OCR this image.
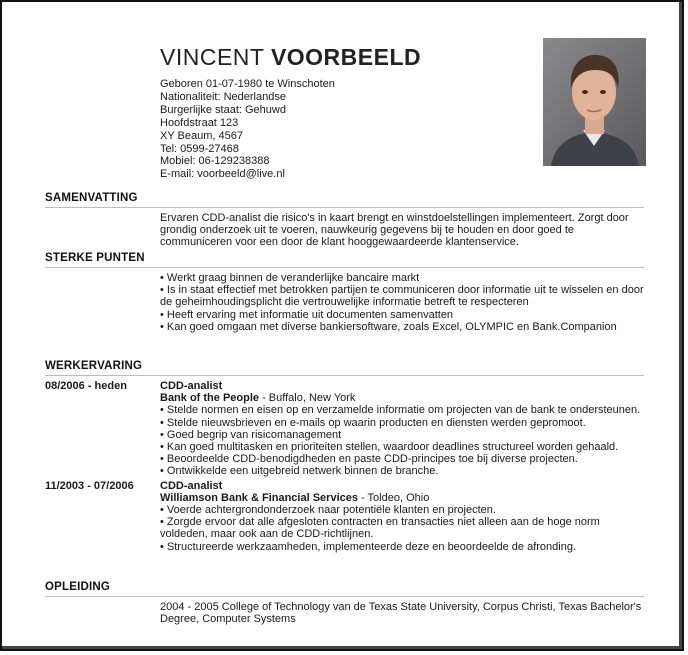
VINCENT VOORBEELD
Geboren 01-07-1980 te Winschoten
Nationaliteit: Nederlandse
Burgerlijke staat: Gehuwd
Hoofdstraat 123
XY Beaum, 4567
Tel: 0599-27468
Mobiel: 06-129238388
E-mail: voorbeeld@live.nl
SAMENVATTING
Ervaren CDD-analist die risico's in kaart brengt en winstdoelstellingen implementeert. Zorgt door grondig onderzoek uit te voeren, nauwkeurig gegevens bij te houden en door goed te communiceren voor een door de klant hooggewaardeerde klantenservice.
STERKE PUNTEN
• Werkt graag binnen de veranderlijke bancaire markt
• Is in staat effectief met betrokken partijen te communiceren door informatie uit te wisselen en door de geheimhoudingsplicht die vertrouwelijke informatie betreft te respecteren
• Heeft ervaring met informatie uit documenten samenvatten
• Kan goed omgaan met diverse bankiersoftware, zoals Excel, OLYMPIC en Bank.Companion
WERKERVARING
08/2006 - heden	CDD-analist
Bank of the People - Buffalo, New York
• Stelde normen en eisen op en verzamelde informatie om projecten van de bank te ondersteunen.
• Stelde nieuwsbrieven en e-mails op waarin producten en diensten werden gepromoot.
• Goed begrip van risicomanagement
• Kan goed multitasken en prioriteiten stellen, waardoor deadlines structureel worden gehaald.
• Beoordeelde CDD-benodigdheden en paste CDD-principes toe bij diverse projecten.
• Ontwikkelde een uitgebreid netwerk binnen de branche.
11/2003 - 07/2006 CDD-analist
Williamson Bank & Financial Services - Toldeo, Ohio
• Voerde achtergrondonderzoek naar potentiële klanten en projecten.
• Zorgde ervoor dat alle afgesloten contracten en transacties niet alleen aan de hoge norm voldeden, maar ook aan de CDD-richtlijnen.
• Structureerde werkzaamheden, implementeerde deze en beoordeelde de afronding.
OPLEIDING
2004 - 2005 College of Technology van de Texas State University, Corpus Christi, Texas Bachelor's Degree, Computer Systems
